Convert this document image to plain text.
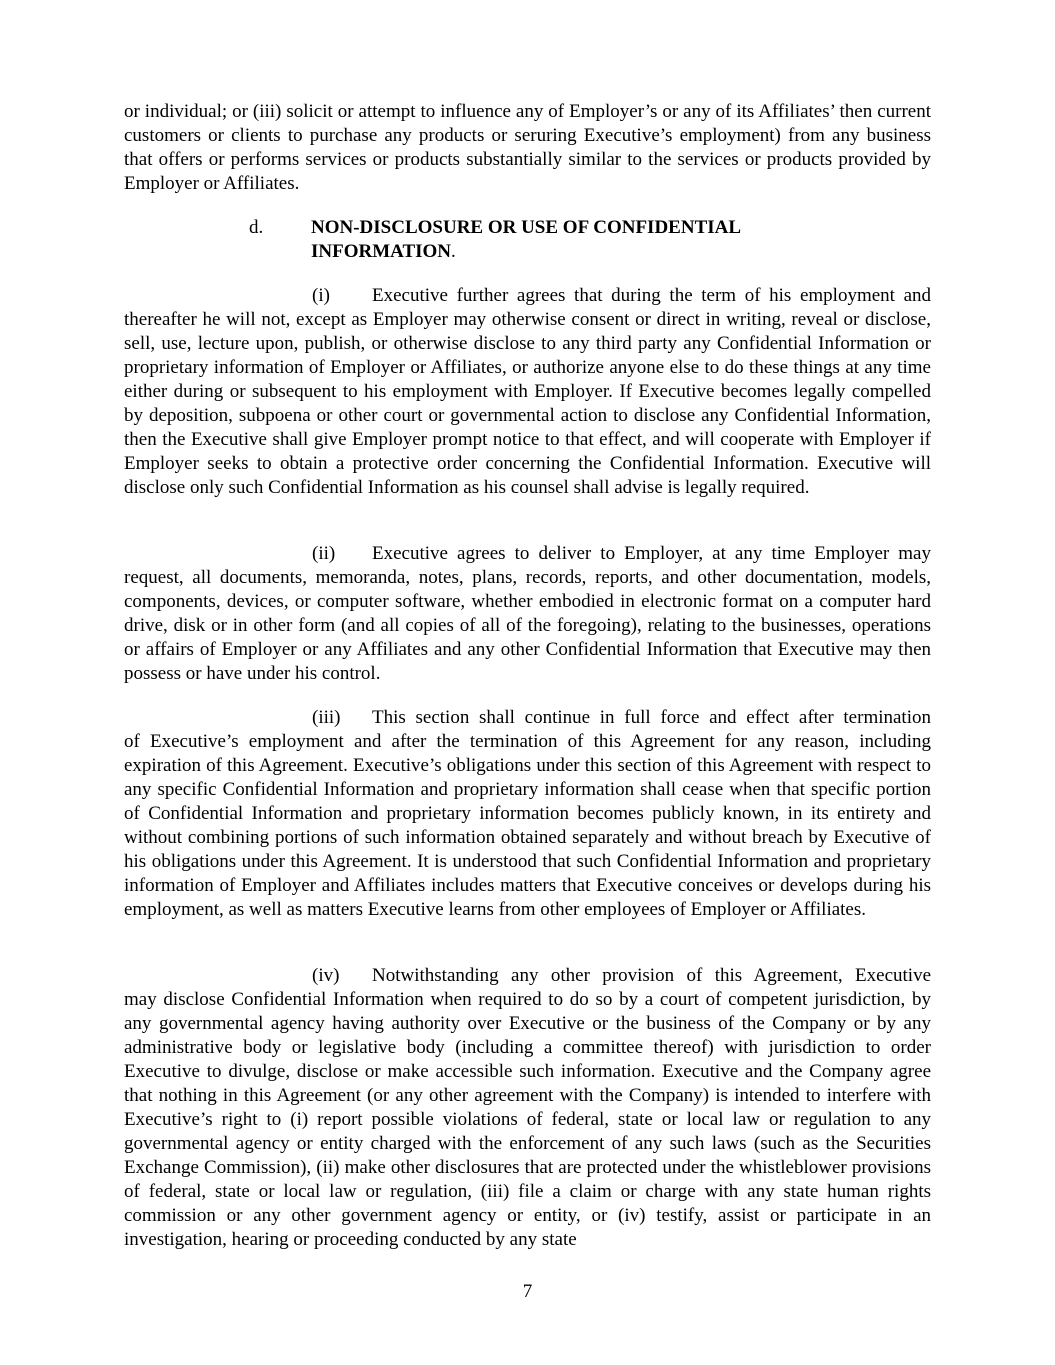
or individual; or (iii) solicit or attempt to influence any of Employer’s or any of its Affiliates’ then current customers or clients to purchase any products or seruring Executive’s employment) from any business that offers or performs services or products substantially similar to the services or products provided by Employer or Affiliates.

d.	NON-DISCLOSURE OR USE OF CONFIDENTIAL INFORMATION.
(i) Executive further agrees that during the term of his employment and
thereafter he will not, except as Employer may otherwise consent or direct in writing, reveal or disclose, sell, use, lecture upon, publish, or otherwise disclose to any third party any Confidential Information or proprietary information of Employer or Affiliates, or authorize anyone else to do these things at any time either during or subsequent to his employment with Employer. If Executive becomes legally compelled by deposition, subpoena or other court or governmental action to disclose any Confidential Information, then the Executive shall give Employer prompt notice to that effect, and will cooperate with Employer if Employer seeks to obtain a protective order concerning the Confidential Information. Executive will disclose only such Confidential Information as his counsel shall advise is legally required.
(ii) Executive agrees to deliver to Employer, at any time Employer may
request, all documents, memoranda, notes, plans, records, reports, and other documentation, models, components, devices, or computer software, whether embodied in electronic format on a computer hard drive, disk or in other form (and all copies of all of the foregoing), relating to the businesses, operations or affairs of Employer or any Affiliates and any other Confidential Information that Executive may then possess or have under his control.
(iii) This section shall continue in full force and effect after termination
of Executive’s employment and after the termination of this Agreement for any reason, including expiration of this Agreement. Executive’s obligations under this section of this Agreement with respect to any specific Confidential Information and proprietary information shall cease when that specific portion of Confidential Information and proprietary information becomes publicly known, in its entirety and without combining portions of such information obtained separately and without breach by Executive of his obligations under this Agreement. It is understood that such Confidential Information and proprietary information of Employer and Affiliates includes matters that Executive conceives or develops during his employment, as well as matters Executive learns from other employees of Employer or Affiliates.
(iv) Notwithstanding any other provision of this Agreement, Executive
may disclose Confidential Information when required to do so by a court of competent jurisdiction, by any governmental agency having authority over Executive or the business of the Company or by any administrative body or legislative body (including a committee thereof) with jurisdiction to order Executive to divulge, disclose or make accessible such information. Executive and the Company agree that nothing in this Agreement (or any other agreement with the Company) is intended to interfere with Executive’s right to (i) report possible violations of federal, state or local law or regulation to any governmental agency or entity charged with the enforcement of any such laws (such as the Securities Exchange Commission), (ii) make other disclosures that are protected under the whistleblower provisions of federal, state or local law or regulation, (iii) file a claim or charge with any state human rights commission or any other government agency or entity, or (iv) testify, assist or participate in an investigation, hearing or proceeding conducted by any state
7
